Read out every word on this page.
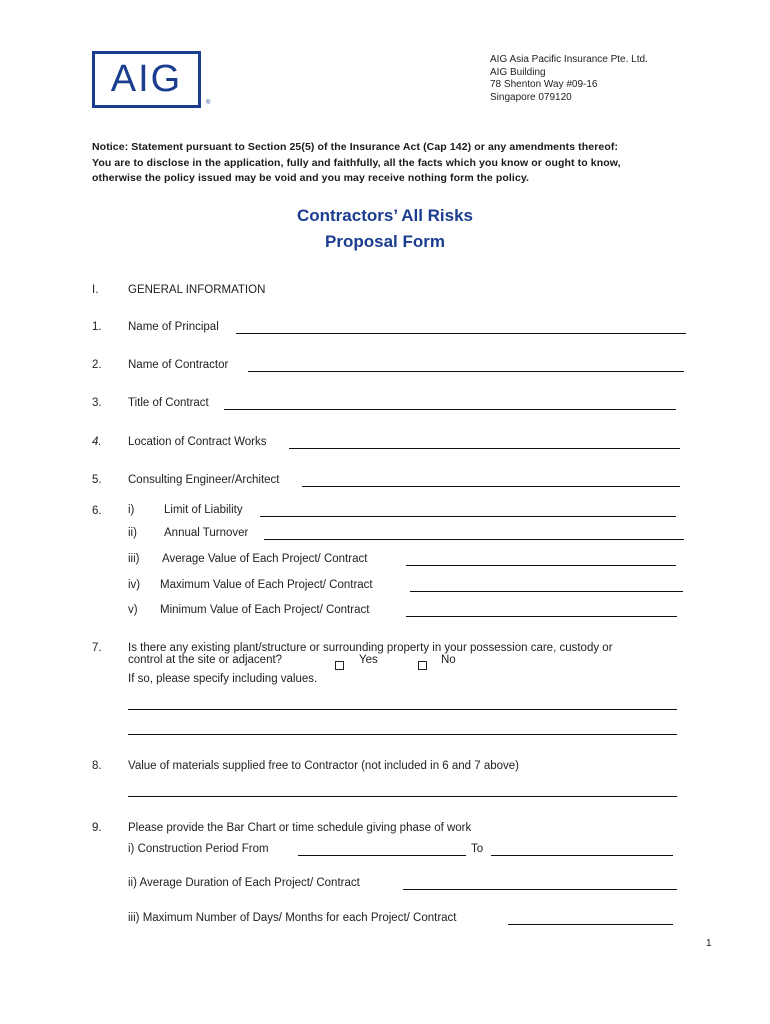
AIG
®
AIG Asia Pacific Insurance Pte. Ltd.
AIG Building
78 Shenton Way #09-16
Singapore 079120
Notice: Statement pursuant to Section 25(5) of the Insurance Act (Cap 142) or any amendments thereof:
You are to disclose in the application, fully and faithfully, all the facts which you know or ought to know,
otherwise the policy issued may be void and you may receive nothing form the policy.
Contractors’ All Risks
Proposal Form
I.	GENERAL INFORMATION
1. Name of Principal
2. Name of Contractor
3. Title of Contract
4. Location of Contract Works
5. Consulting Engineer/Architect
6. i)	Limit of Liability
ii) Annual Turnover
iii) Average Value of Each Project/ Contract
iv) Maximum Value of Each Project/ Contract
v) Minimum Value of Each Project/ Contract
7. Is there any existing plant/structure or surrounding property in your possession care, custody or
control at the site or adjacent?	Yes	No
If so, please specify including values.
8. Value of materials supplied free to Contractor (not included in 6 and 7 above)
9. Please provide the Bar Chart or time schedule giving phase of work
i) Construction Period From	To
ii) Average Duration of Each Project/ Contract
iii) Maximum Number of Days/ Months for each Project/ Contract
1
